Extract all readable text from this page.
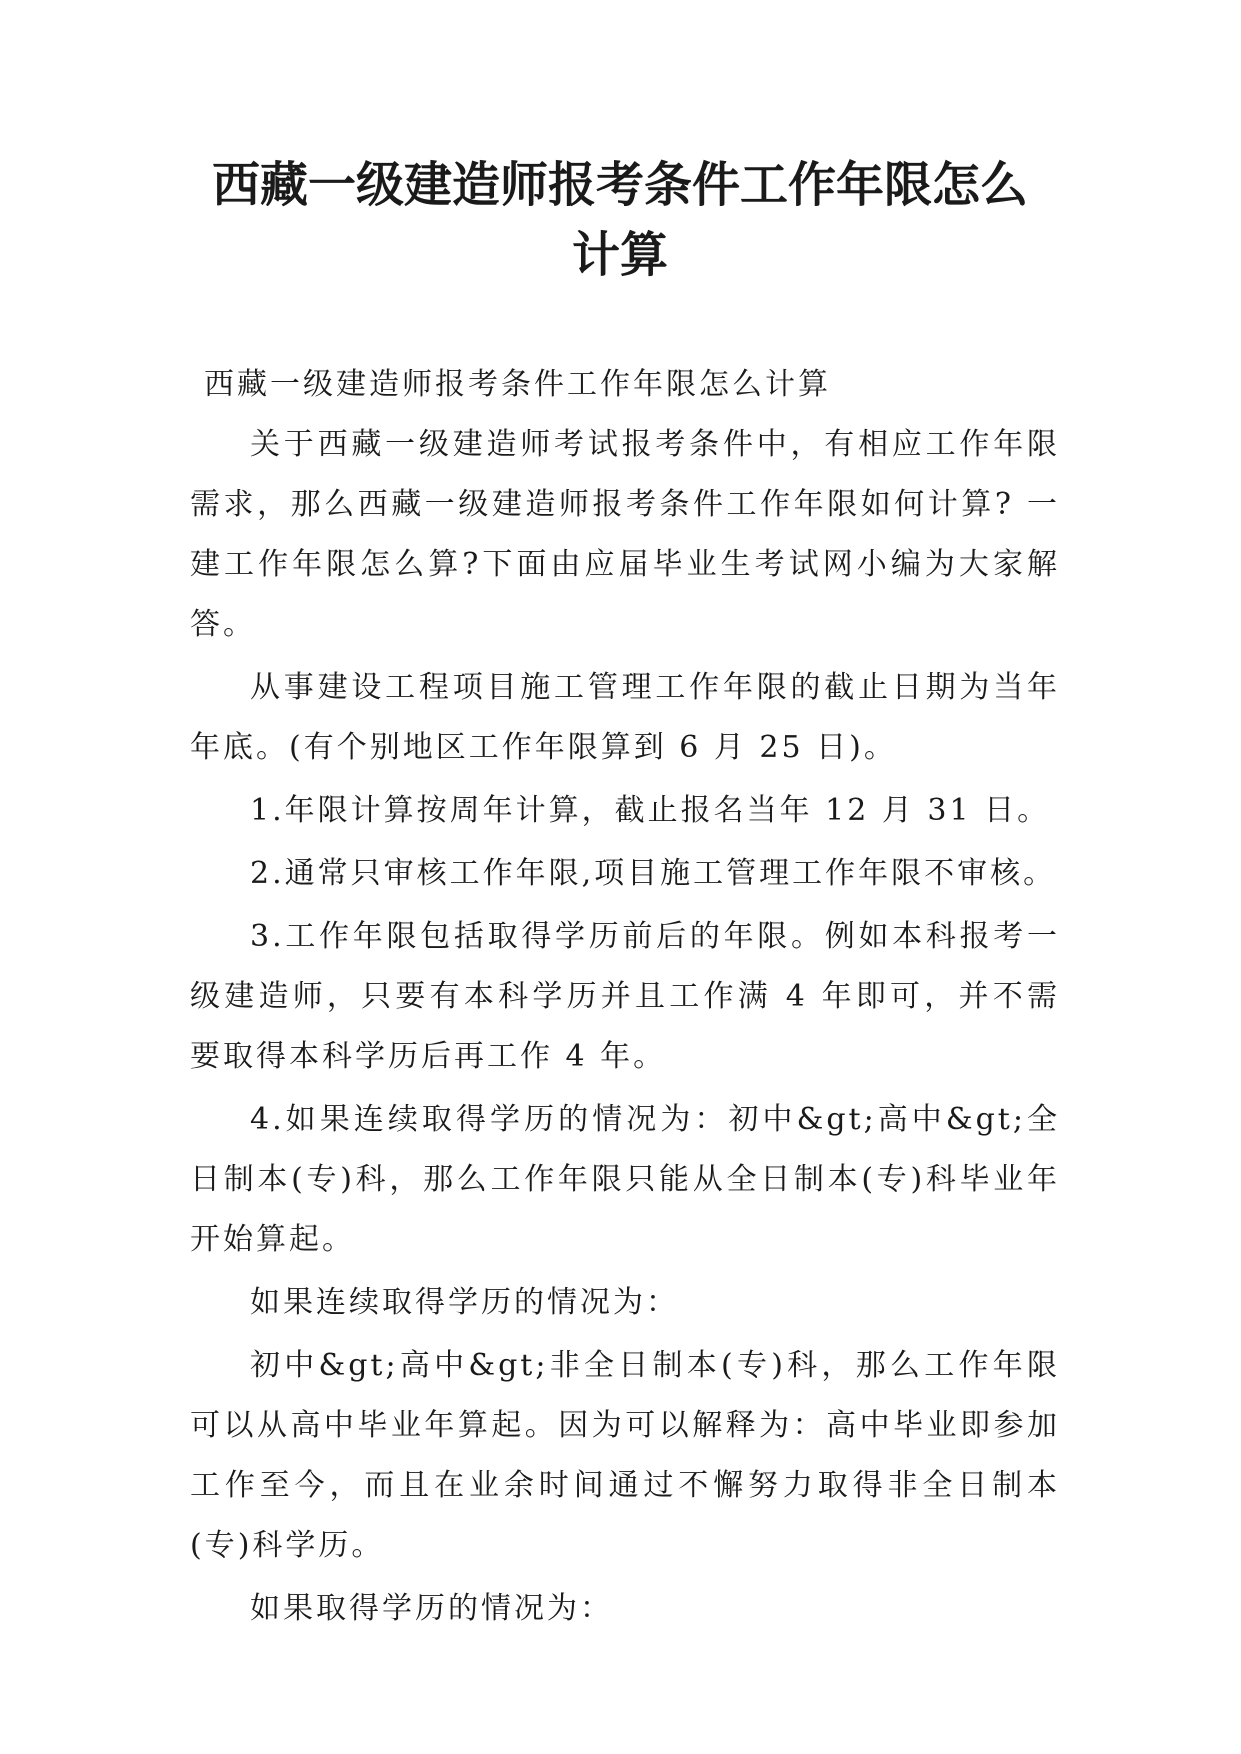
西藏一级建造师报考条件工作年限怎么计算

西藏一级建造师报考条件工作年限怎么计算

关于西藏一级建造师考试报考条件中，有相应工作年限需求，那么西藏一级建造师报考条件工作年限如何计算? 一建工作年限怎么算?下面由应届毕业生考试网小编为大家解答。

从事建设工程项目施工管理工作年限的截止日期为当年年底。(有个别地区工作年限算到 6 月 25 日)。

1.年限计算按周年计算，截止报名当年 12 月 31 日。

2.通常只审核工作年限,项目施工管理工作年限不审核。

3.工作年限包括取得学历前后的年限。例如本科报考一级建造师，只要有本科学历并且工作满 4 年即可，并不需要取得本科学历后再工作 4 年。

4.如果连续取得学历的情况为：初中&gt;高中&gt;全日制本(专)科，那么工作年限只能从全日制本(专)科毕业年开始算起。

如果连续取得学历的情况为：

初中&gt;高中&gt;非全日制本(专)科，那么工作年限可以从高中毕业年算起。因为可以解释为：高中毕业即参加工作至今，而且在业余时间通过不懈努力取得非全日制本(专)科学历。

如果取得学历的情况为：
